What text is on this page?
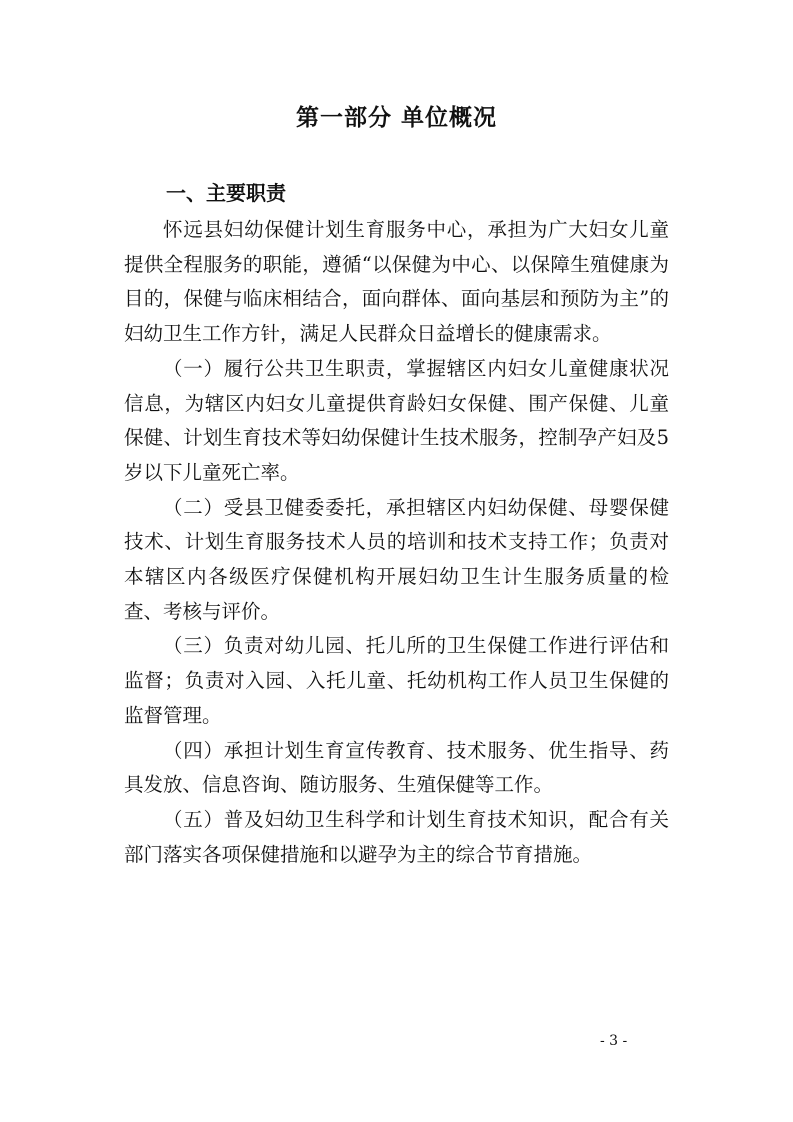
第一部分 单位概况
一、主要职责

怀远县妇幼保健计划生育服务中心，承担为广大妇女儿童提供全程服务的职能，遵循“以保健为中心、以保障生殖健康为目的，保健与临床相结合，面向群体、面向基层和预防为主”的妇幼卫生工作方针，满足人民群众日益增长的健康需求。

（一）履行公共卫生职责，掌握辖区内妇女儿童健康状况信息，为辖区内妇女儿童提供育龄妇女保健、围产保健、儿童保健、计划生育技术等妇幼保健计生技术服务，控制孕产妇及5岁以下儿童死亡率。

（二）受县卫健委委托，承担辖区内妇幼保健、母婴保健技术、计划生育服务技术人员的培训和技术支持工作；负责对本辖区内各级医疗保健机构开展妇幼卫生计生服务质量的检查、考核与评价。

（三）负责对幼儿园、托儿所的卫生保健工作进行评估和监督；负责对入园、入托儿童、托幼机构工作人员卫生保健的监督管理。

（四）承担计划生育宣传教育、技术服务、优生指导、药具发放、信息咨询、随访服务、生殖保健等工作。

（五）普及妇幼卫生科学和计划生育技术知识，配合有关部门落实各项保健措施和以避孕为主的综合节育措施。

- 3 -
